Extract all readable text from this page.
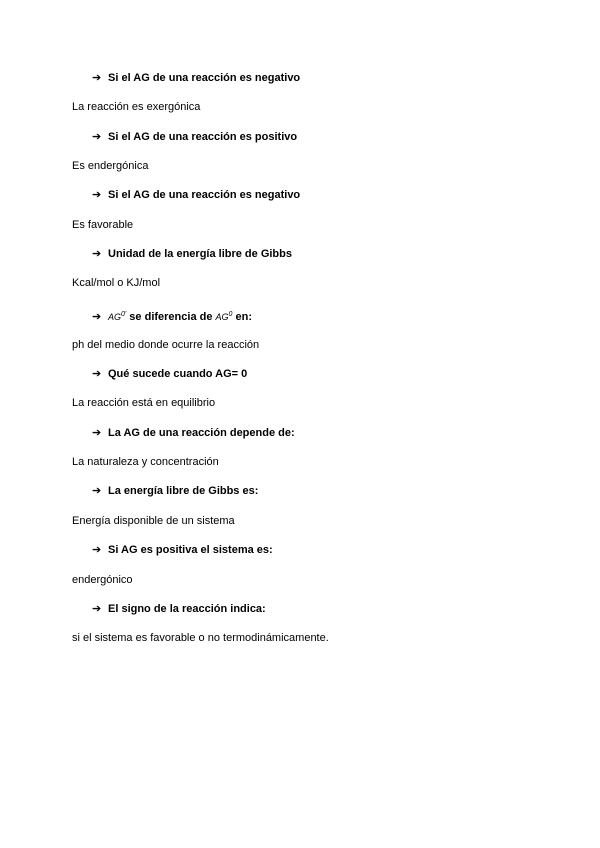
➔ Si el AG de una reacción es negativo
La reacción es exergónica
➔ Si el AG de una reacción es positivo
Es endergónica
➔ Si el AG de una reacción es negativo
Es favorable
➔ Unidad de la energía libre de Gibbs
Kcal/mol o KJ/mol
➔ $AG^{0'}$ se diferencia de $AG^0$ en:
ph del medio donde ocurre la reacción
➔ Qué sucede cuando AG= 0
La reacción está en equilibrio
➔ La AG de una reacción depende de:
La naturaleza y concentración
➔ La energía libre de Gibbs es:
Energía disponible de un sistema
➔ Si AG es positiva el sistema es:
endergónico
➔ El signo de la reacción indica:
si el sistema es favorable o no termodinámicamente.
